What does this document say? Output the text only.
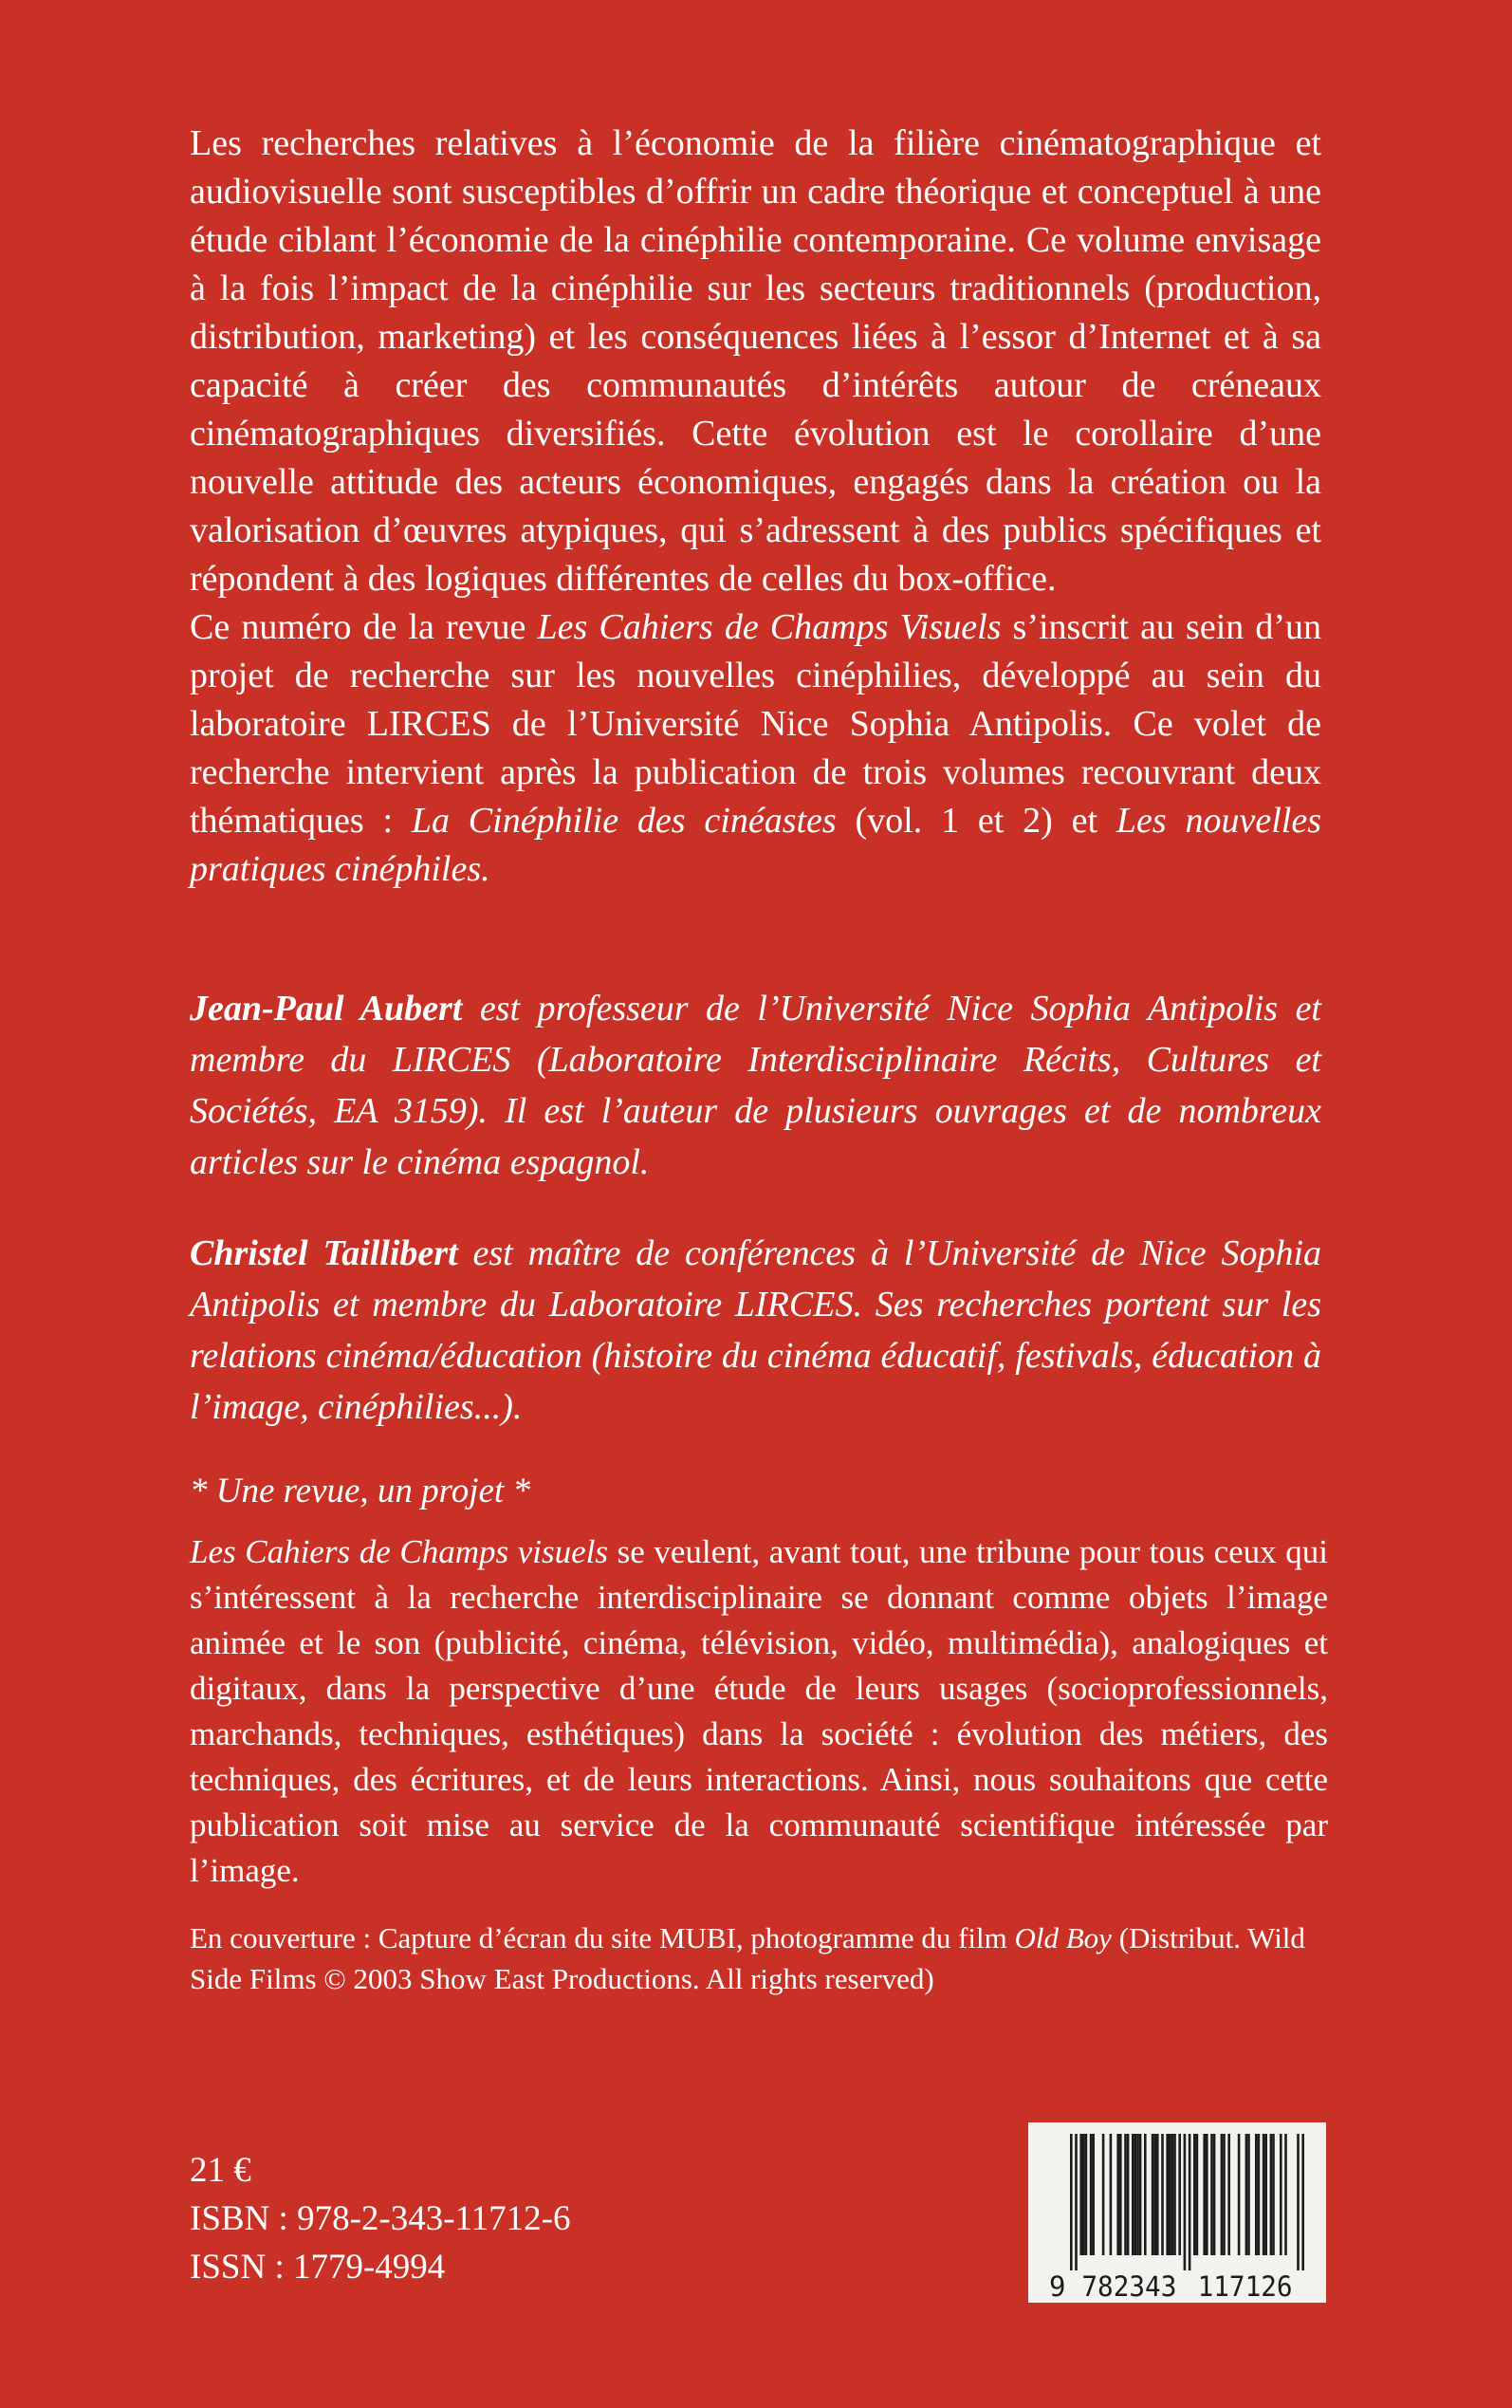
Les recherches relatives à l’économie de la filière cinématographique et audiovisuelle sont susceptibles d’offrir un cadre théorique et conceptuel à une étude ciblant l’économie de la cinéphilie contemporaine. Ce volume envisage à la fois l’impact de la cinéphilie sur les secteurs traditionnels (production, distribution, marketing) et les conséquences liées à l’essor d’Internet et à sa capacité à créer des communautés d’intérêts autour de créneaux cinématographiques diversifiés. Cette évolution est le corollaire d’une nouvelle attitude des acteurs économiques, engagés dans la création ou la valorisation d’œuvres atypiques, qui s’adressent à des publics spécifiques et répondent à des logiques différentes de celles du box-office.

Ce numéro de la revue Les Cahiers de Champs Visuels s’inscrit au sein d’un projet de recherche sur les nouvelles cinéphilies, développé au sein du laboratoire LIRCES de l’Université Nice Sophia Antipolis. Ce volet de recherche intervient après la publication de trois volumes recouvrant deux thématiques : La Cinéphilie des cinéastes (vol. 1 et 2) et Les nouvelles pratiques cinéphiles.

Jean-Paul Aubert est professeur de l’Université Nice Sophia Antipolis et membre du LIRCES (Laboratoire Interdisciplinaire Récits, Cultures et Sociétés, EA 3159). Il est l’auteur de plusieurs ouvrages et de nombreux articles sur le cinéma espagnol.

Christel Taillibert est maître de conférences à l’Université de Nice Sophia Antipolis et membre du Laboratoire LIRCES. Ses recherches portent sur les relations cinéma/éducation (histoire du cinéma éducatif, festivals, éducation à l’image, cinéphilies...).

* Une revue, un projet *

Les Cahiers de Champs visuels se veulent, avant tout, une tribune pour tous ceux qui s’intéressent à la recherche interdisciplinaire se donnant comme objets l’image animée et le son (publicité, cinéma, télévision, vidéo, multimédia), analogiques et digitaux, dans la perspective d’une étude de leurs usages (socioprofessionnels, marchands, techniques, esthétiques) dans la société : évolution des métiers, des techniques, des écritures, et de leurs interactions. Ainsi, nous souhaitons que cette publication soit mise au service de la communauté scientifique intéressée par l’image.

En couverture : Capture d’écran du site MUBI, photogramme du film Old Boy (Distribut. Wild Side Films © 2003 Show East Productions. All rights reserved)

21 €
ISBN : 978-2-343-11712-6
ISSN : 1779-4994	9 782343 117126
